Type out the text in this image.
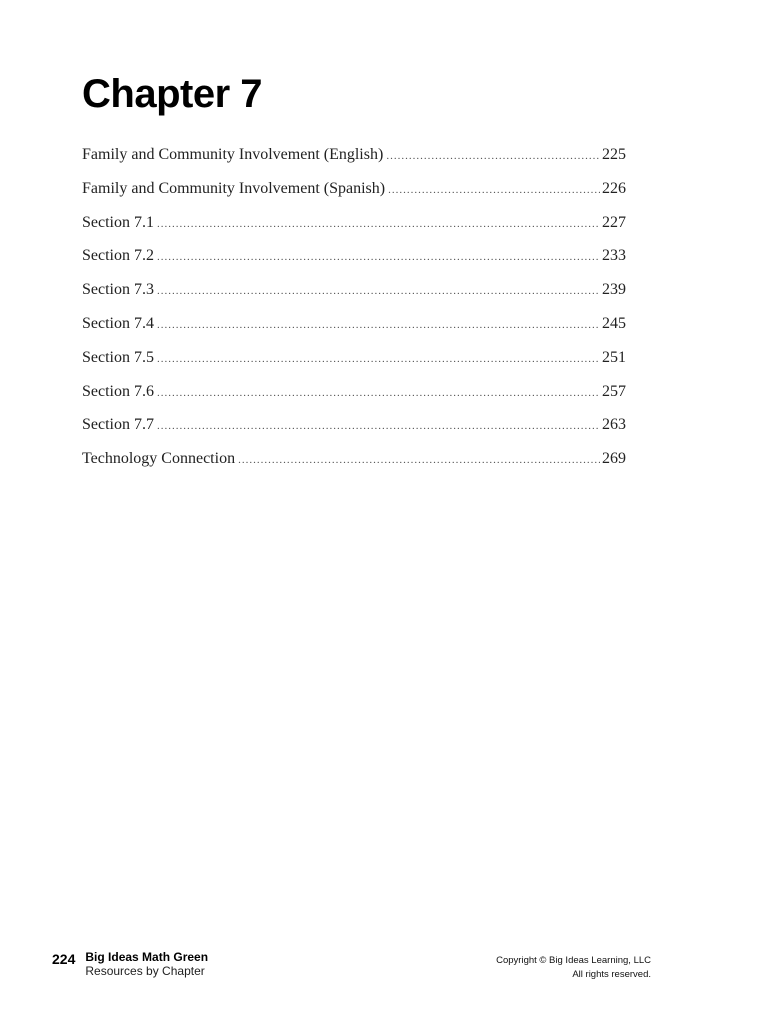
Chapter 7
Family and Community Involvement (English) .....	225
Family and Community Involvement (Spanish) .....	226
Section 7.1 .....	227
Section 7.2 .....	233
Section 7.3 .....	239
Section 7.4 .....	245
Section 7.5 .....	251
Section 7.6 .....	257
Section 7.7 .....	263
Technology Connection .....	269
224 Big Ideas Math Green
Resources by Chapter
Copyright © Big Ideas Learning, LLC
All rights reserved.
